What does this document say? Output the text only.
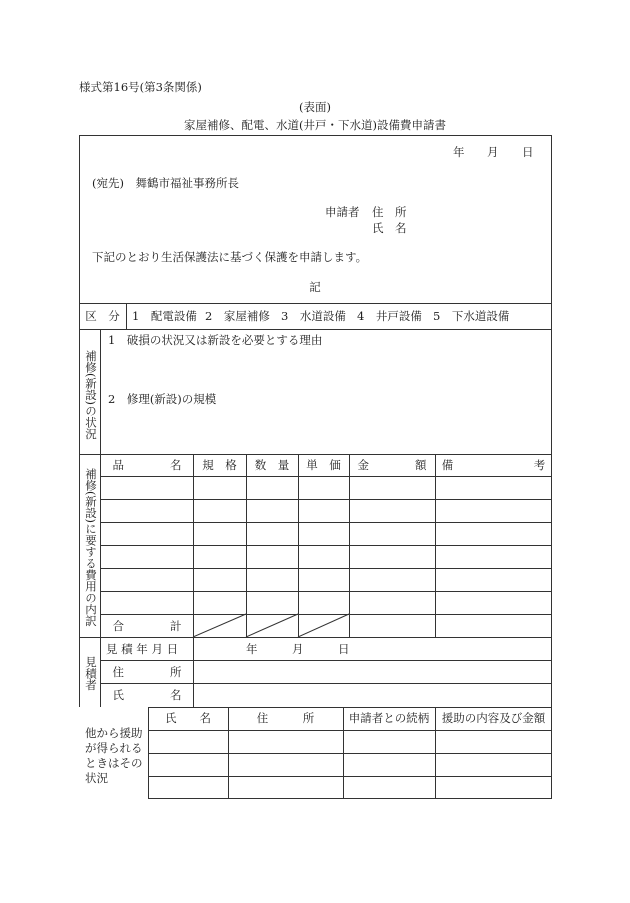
様式第16号(第3条関係)
(表面)
家屋補修、配電、水道(井戸・下水道)設備費申請書
年 月 日
(宛先)　舞鶴市福祉事務所長
申請者 住　所
氏　名
下記のとおり生活保護法に基づく保護を申請します。
記
区　分	1　配電設備 2　家屋補修 3　水道設備 4　井戸設備 5　下水道設備
補修(新設)の状況
1　破損の状況又は新設を必要とする理由
2　修理(新設)の規模
補修(新設)に要する費用の内訳
品　　　　名	規　格	数　量	単　価	金　　　　額	備　　　　　　　考
合　　　　計
見積者
見 積 年 月 日	年　　　月　　　日
住　　　　所
氏　　　　名
他から援助
が得られる
ときはその
状況
氏　　名	住　　　所	申請者との続柄	援助の内容及び金額
